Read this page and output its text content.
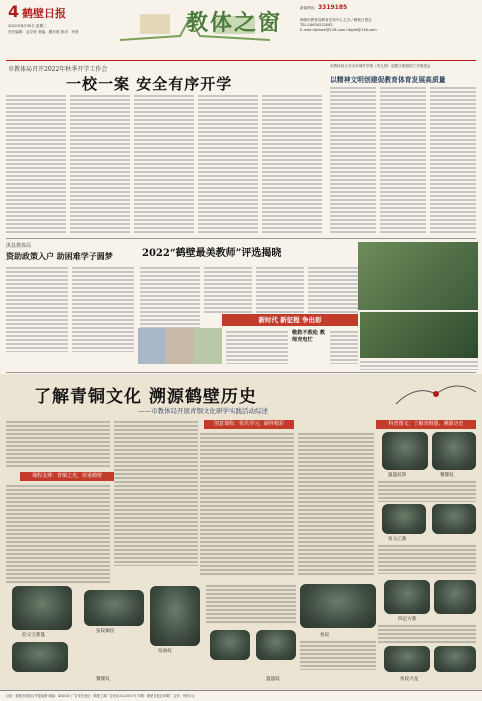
4 鹤壁日报
2022年8月30日 星期二
责任编辑：孟京欣 美编：魏东明 校对：李萱	教体之窗
新闻热线：3319185
鹤壁市教育局教育宣传中心主办 / 鹤壁日报社
TEL:18639222082
E-mail:hbrbwh@126.com hbjylb@126.com
市教体局召开2022年秋季开学工作会
一校一案 安全有序开学
市教体局召开全市城乡学校（幼儿园）创建文明校园工作推进会
以精神文明创建促教育体育发展高质量
淇县教体局
资助政策入户 助困难学子圆梦	2022“鹤壁最美教师”评选揭晓
新时代 新征程 争出彩
敬救不救松 教师充电忙
了解青铜文化 溯源鹤壁历史
——市教体局开展青铜文化研学实践活动综述
课程支撑：青铜之光，厚重鹤壁
创意课程：快乐学习，刷样精彩	科普图文：了解青铜器，溯源历史
簋簋纹饰	饕餮纹
鱼父乙鼎
伯父宝鼎簋
弦纹铜卣
窃曲纹
鱼纹
四足方鼎
饕餮纹	簋簋纹	鱼纹兴龙
社址：鹤壁市淇滨区华夏南路 邮编：458030 广告发布登记：鹤壁工商广告登记2022001号 印刷：鹤壁日报社印刷厂 定价：每份1元
